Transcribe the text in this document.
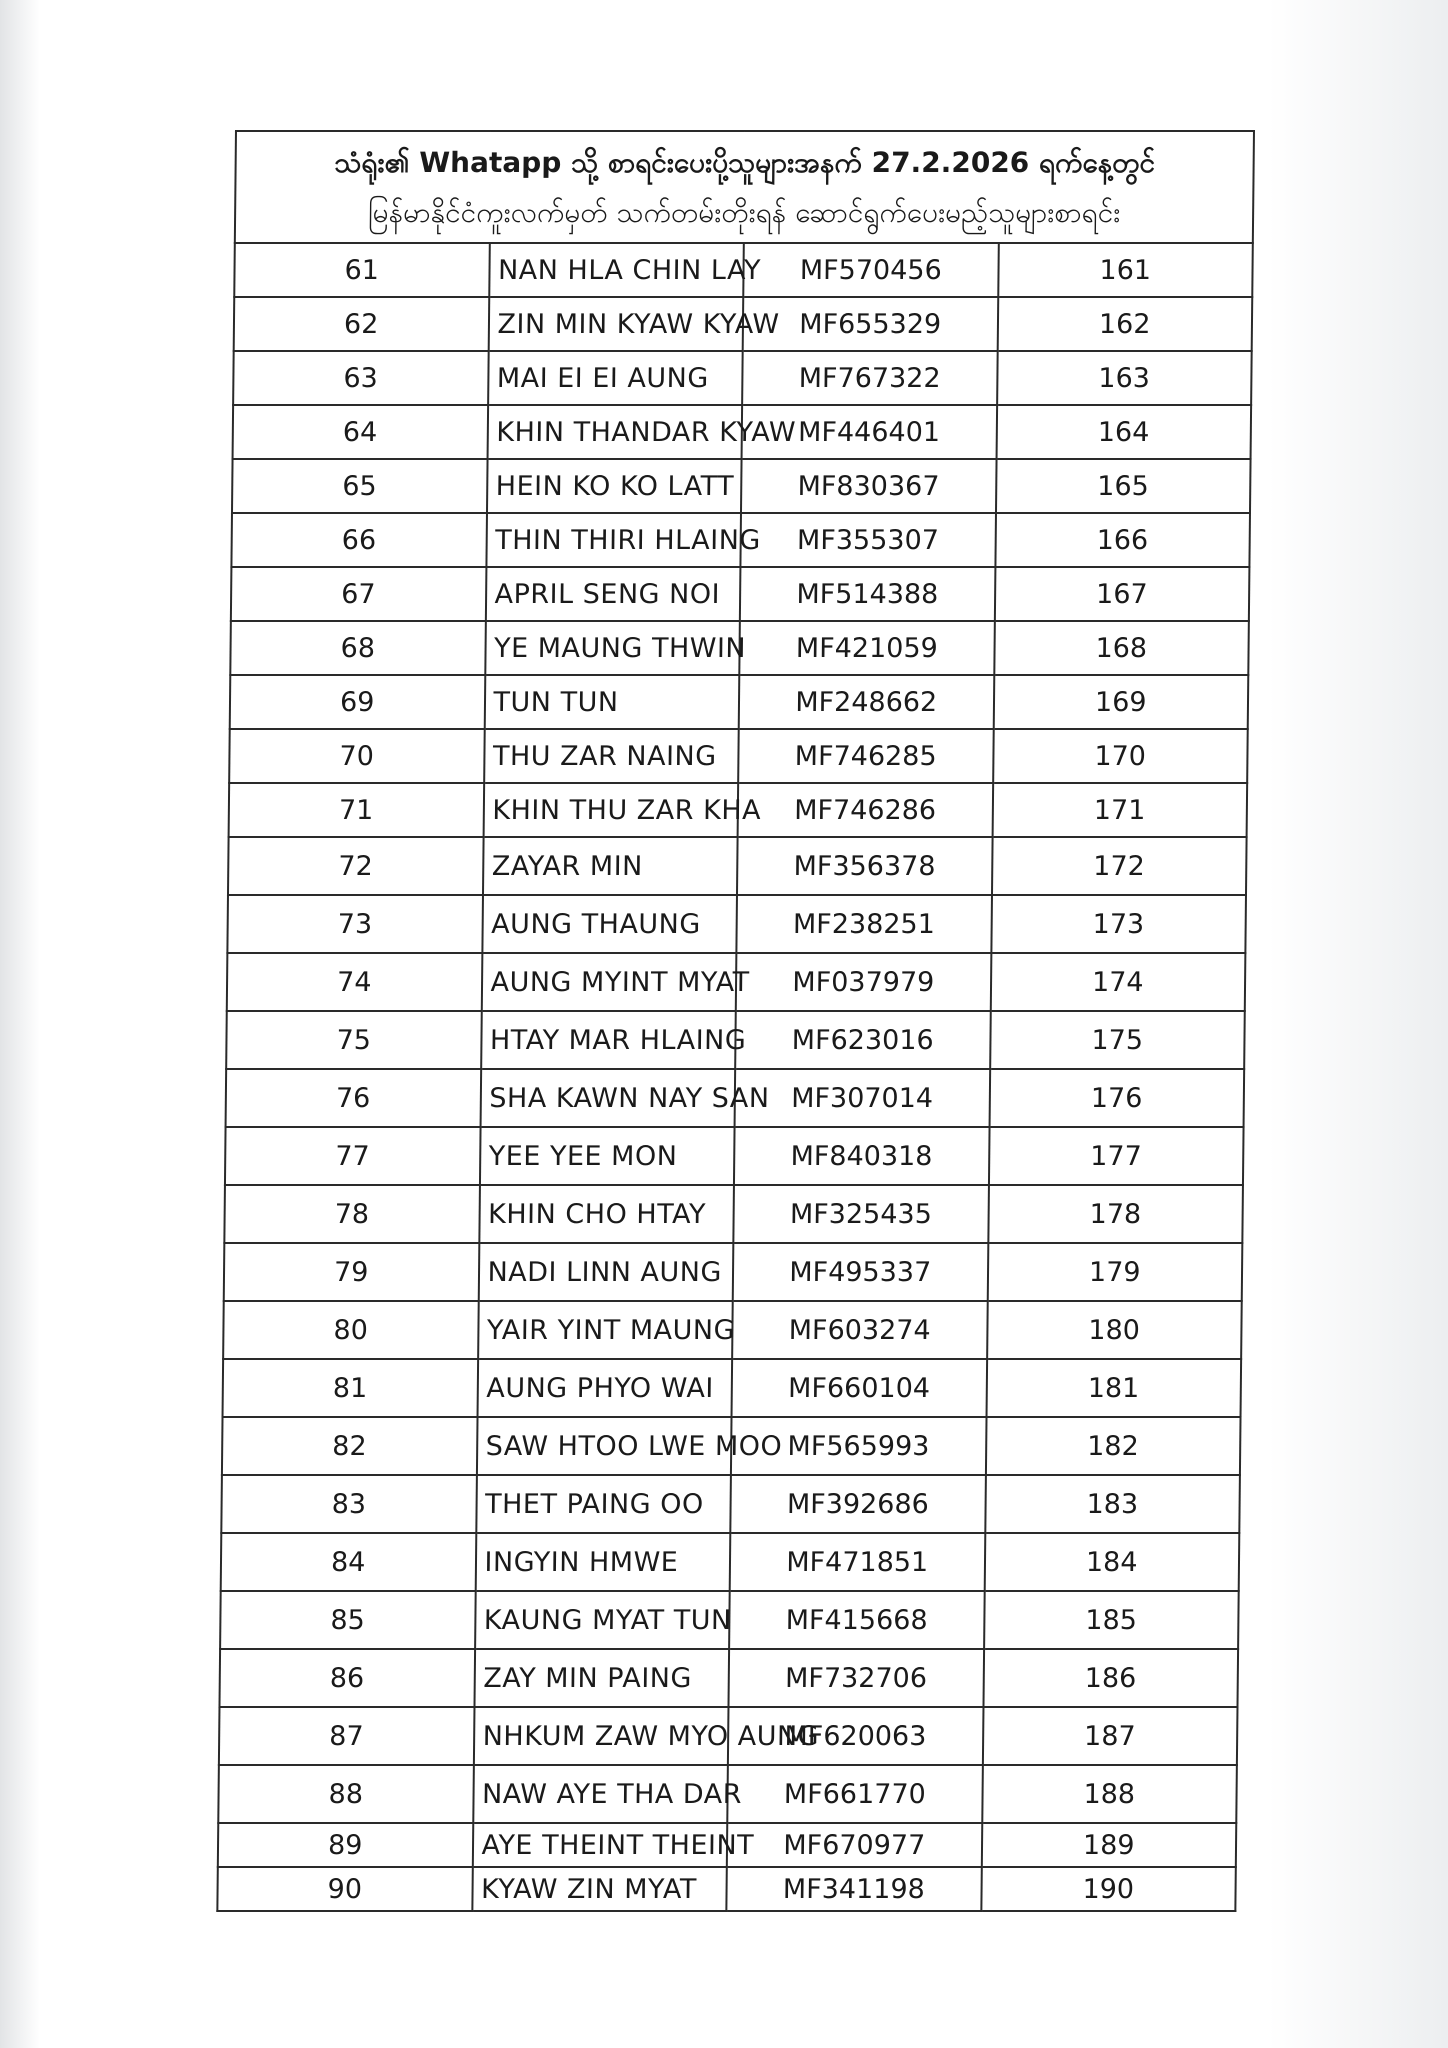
သံရုံး၏ Whatapp သို့ စာရင်းပေးပို့သူများအနက် 27.2.2026 ရက်နေ့တွင်
မြန်မာနိုင်ငံကူးလက်မှတ် သက်တမ်းတိုးရန် ဆောင်ရွက်ပေးမည့်သူများစာရင်း			

61	NAN HLA CHIN LAY	MF570456	161
62	ZIN MIN KYAW KYAW	MF655329	162
63	MAI EI EI AUNG	MF767322	163
64	KHIN THANDAR KYAW	MF446401	164
65	HEIN KO KO LATT	MF830367	165
66	THIN THIRI HLAING	MF355307	166
67	APRIL SENG NOI	MF514388	167
68	YE MAUNG THWIN	MF421059	168
69	TUN TUN	MF248662	169
70	THU ZAR NAING	MF746285	170
71	KHIN THU ZAR KHA	MF746286	171
72	ZAYAR MIN	MF356378	172
73	AUNG THAUNG	MF238251	173
74	AUNG MYINT MYAT	MF037979	174
75	HTAY MAR HLAING	MF623016	175
76	SHA KAWN NAY SAN	MF307014	176
77	YEE YEE MON	MF840318	177
78	KHIN CHO HTAY	MF325435	178
79	NADI LINN AUNG	MF495337	179
80	YAIR YINT MAUNG	MF603274	180
81	AUNG PHYO WAI	MF660104	181
82	SAW HTOO LWE MOO	MF565993	182
83	THET PAING OO	MF392686	183
84	INGYIN HMWE	MF471851	184
85	KAUNG MYAT TUN	MF415668	185
86	ZAY MIN PAING	MF732706	186
87	NHKUM ZAW MYO AUNG	MF620063	187
88	NAW AYE THA DAR	MF661770	188
89	AYE THEINT THEINT	MF670977	189
90	KYAW ZIN MYAT	MF341198	190
